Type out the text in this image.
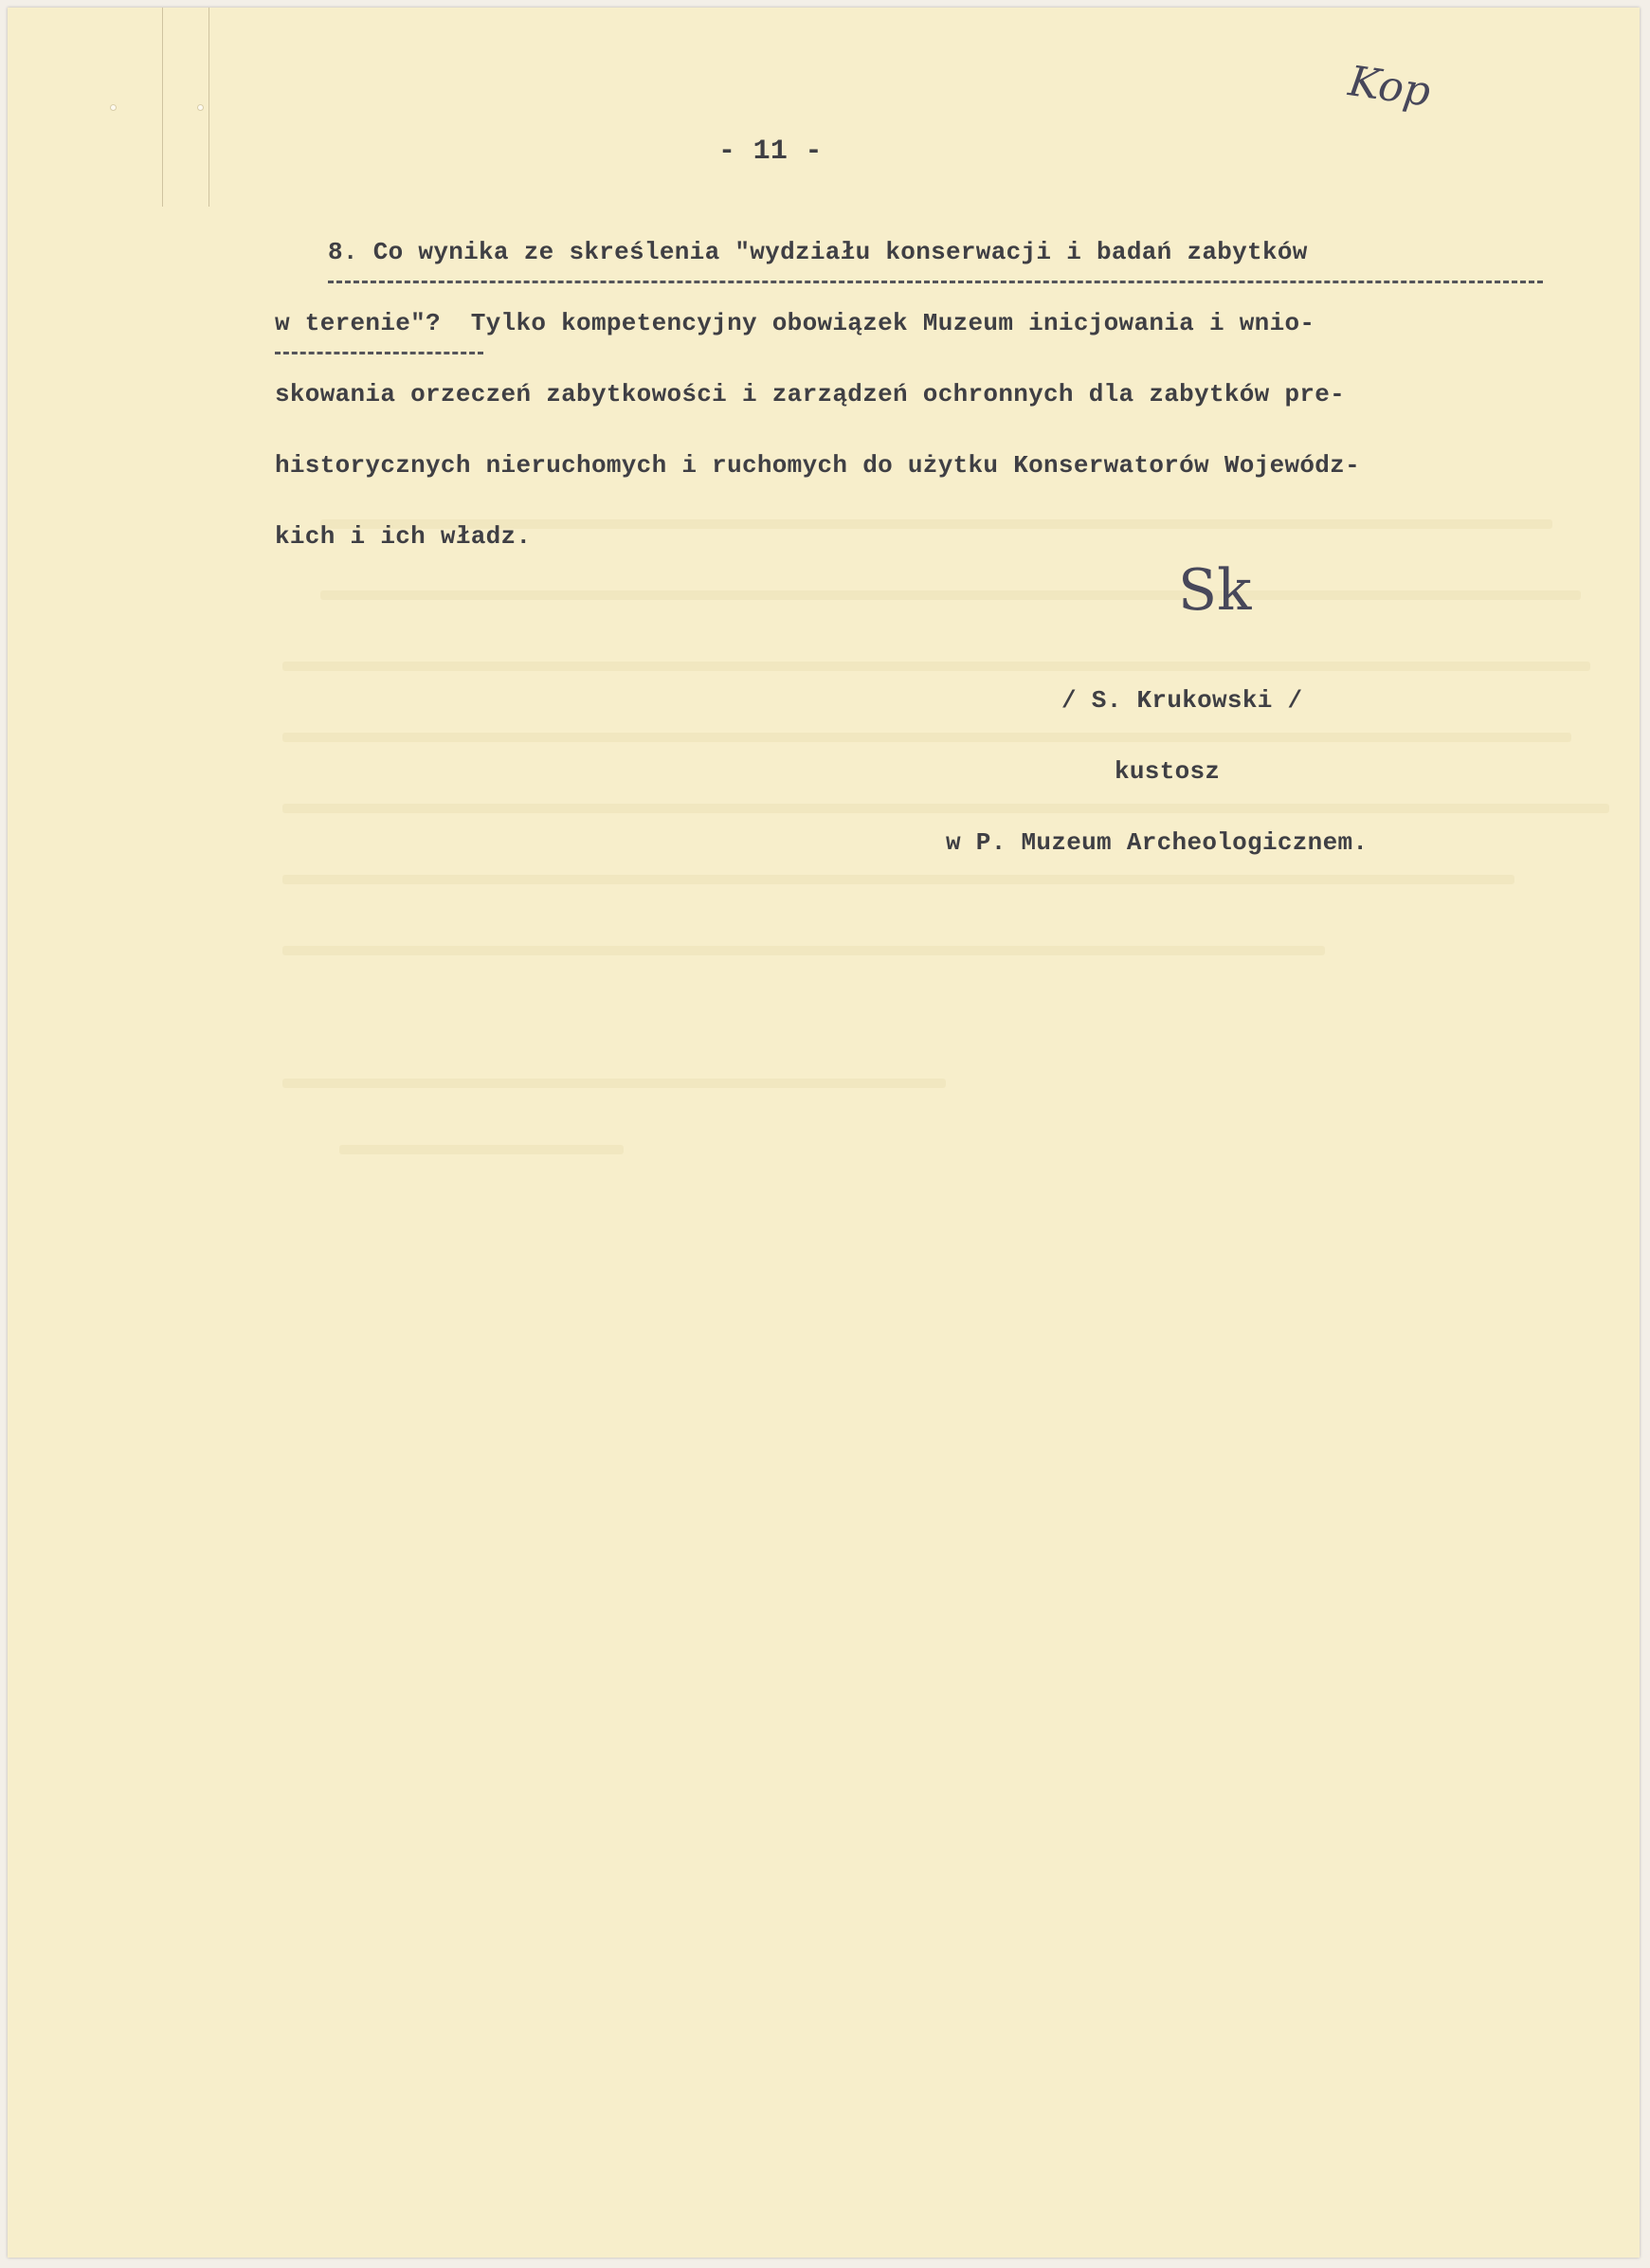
Kop
- 11 -
8. Co wynika ze skreślenia "wydziału konserwacji i badań zabytków
w terenie"?  Tylko kompetencyjny obowiązek Muzeum inicjowania i wnio-
skowania orzeczeń zabytkowości i zarządzeń ochronnych dla zabytków pre-
historycznych nieruchomych i ruchomych do użytku Konserwatorów Wojewódz-
kich i ich władz.
Sk
/ S. Krukowski /
kustosz
w P. Muzeum Archeologicznem.
